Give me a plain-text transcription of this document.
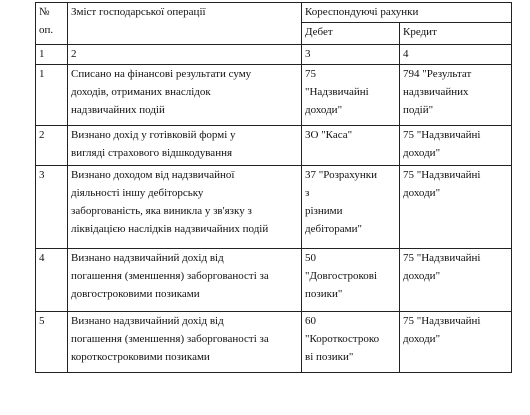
№
оп.	Зміст господарської операції	Кореспондуючі рахунки	
		Дебет	Кредит
1	2	3	4
1	Списано на фінансові результати суму
доходів, отриманих внаслідок
надзвичайних подій	75
"Надзвичайні
доходи"	794 "Результат
надзвичайних
подій"

2	Визнано дохід у готівковій формі у
вигляді страхового відшкодування	3О "Каса"	75 "Надзвичайні
доходи"

3	Визнано доходом від надзвичайної
діяльності іншу дебіторську
заборгованість, яка виникла у зв'язку з
ліквідацією наслідків надзвичайних подій	37 "Розрахунки
з
різними
дебіторами"	75 "Надзвичайні
доходи"

4	Визнано надзвичайний дохід від
погашення (зменшення) заборгованості за
довгостроковими позиками	50
"Довгострокові
позики"	75 "Надзвичайні
доходи"

5	Визнано надзвичайний дохід від
погашення (зменшення) заборгованості за
короткостроковими позиками	60
"Короткостроко
ві позики"	75 "Надзвичайні
доходи"
